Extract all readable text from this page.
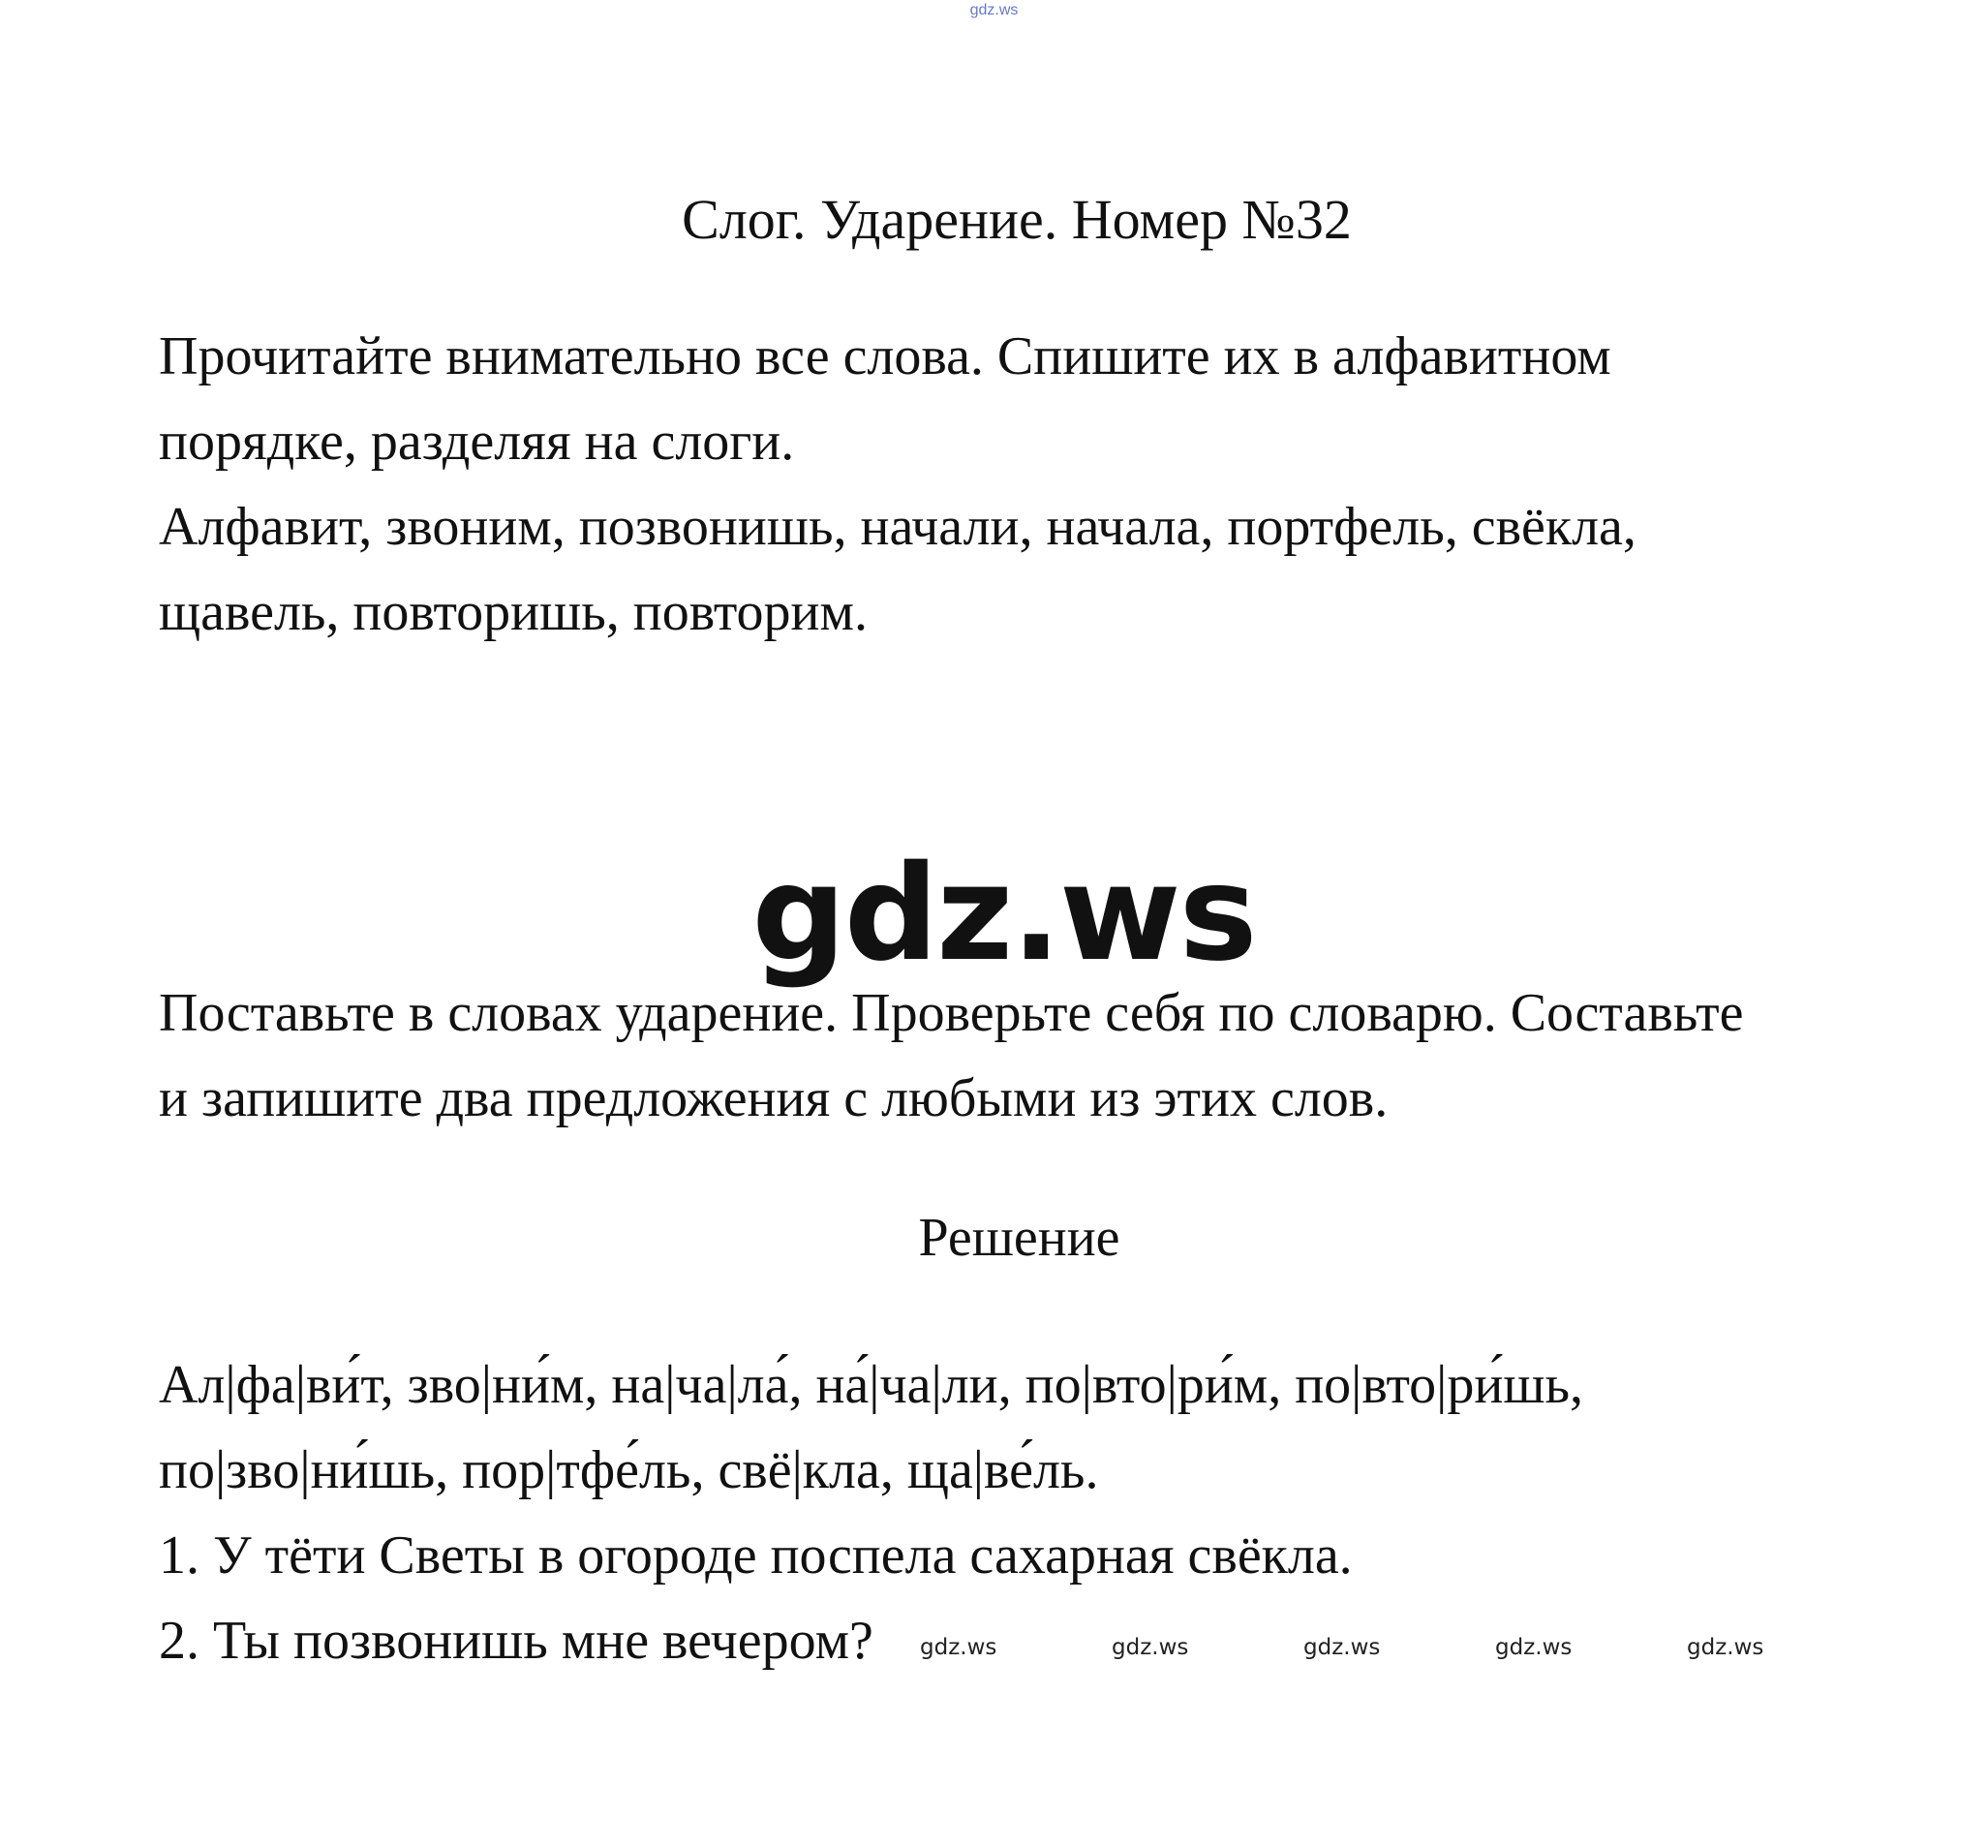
gdz.ws
Слог. Ударение. Номер №32
Прочитайте внимательно все слова. Спишите их в алфавитном
порядке, разделяя на слоги.
Алфавит, звоним, позвонишь, начали, начала, портфель, свёкла,
щавель, повторишь, повторим.
gdz.ws
Поставьте в словах ударение. Проверьте себя по словарю. Составьте
и запишите два предложения с любыми из этих слов.
Решение
Ал|фа|ви́т, зво|ни́м, на|ча|ла́, на́|ча|ли, по|вто|ри́м, по|вто|ри́шь,
по|зво|ни́шь, пор|тфе́ль, свё|кла, ща|ве́ль.
1. У тёти Светы в огороде поспела сахарная свёкла.
2. Ты позвонишь мне вечером? gdz.ws	gdz.ws	gdz.ws	gdz.ws	gdz.ws
